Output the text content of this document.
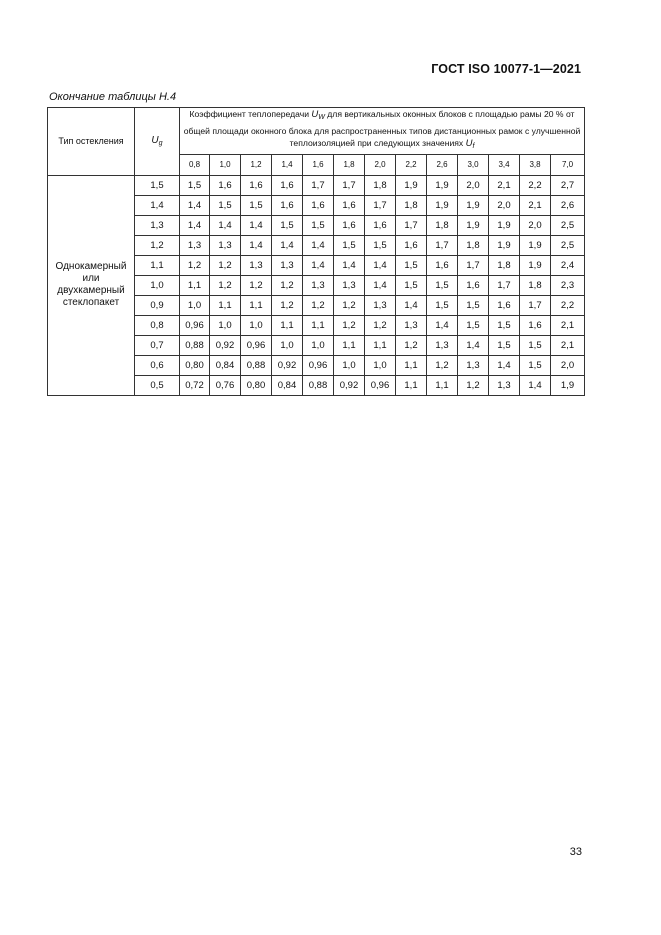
ГОСТ ISO 10077-1—2021
Окончание таблицы Н.4
Тип остекления	$U_g$	Коэффициент теплопередачи $U_W$ для вертикальных оконных блоков с площадью рамы 20 % от общей площади оконного блока для распространенных типов дистанционных рамок с улучшенной теплоизоляцией при следующих значениях $U_f$
		0,8	1,0	1,2	1,4	1,6	1,8	2,0	2,2	2,6	3,0	3,4	3,8	7,0
Однокамерный или двухкамерный стеклопакет	1,5	1,5	1,6	1,6	1,6	1,7	1,7	1,8	1,9	1,9	2,0	2,1	2,2	2,7
	1,4	1,4	1,5	1,5	1,6	1,6	1,6	1,7	1,8	1,9	1,9	2,0	2,1	2,6
	1,3	1,4	1,4	1,4	1,5	1,5	1,6	1,6	1,7	1,8	1,9	1,9	2,0	2,5
	1,2	1,3	1,3	1,4	1,4	1,4	1,5	1,5	1,6	1,7	1,8	1,9	1,9	2,5
	1,1	1,2	1,2	1,3	1,3	1,4	1,4	1,4	1,5	1,6	1,7	1,8	1,9	2,4
	1,0	1,1	1,2	1,2	1,2	1,3	1,3	1,4	1,5	1,5	1,6	1,7	1,8	2,3
	0,9	1,0	1,1	1,1	1,2	1,2	1,2	1,3	1,4	1,5	1,5	1,6	1,7	2,2
	0,8	0,96	1,0	1,0	1,1	1,1	1,2	1,2	1,3	1,4	1,5	1,5	1,6	2,1
	0,7	0,88	0,92	0,96	1,0	1,0	1,1	1,1	1,2	1,3	1,4	1,5	1,5	2,1
	0,6	0,80	0,84	0,88	0,92	0,96	1,0	1,0	1,1	1,2	1,3	1,4	1,5	2,0
	0,5	0,72	0,76	0,80	0,84	0,88	0,92	0,96	1,1	1,1	1,2	1,3	1,4	1,9
33
